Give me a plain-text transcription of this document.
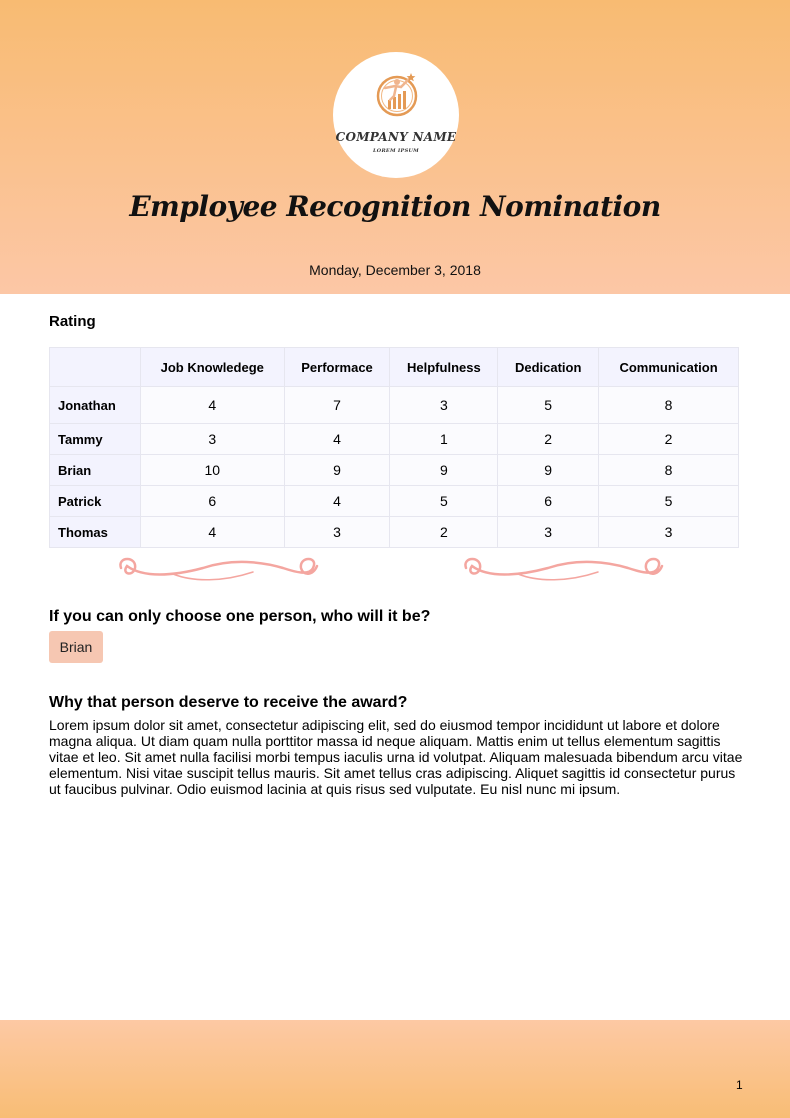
COMPANY NAME
LOREM IPSUM
Employee Recognition Nomination
Monday, December 3, 2018
Rating
	Job Knowledege	Performace	Helpfulness	Dedication	Communication
Jonathan	4	7	3	5	8
Tammy	3	4	1	2	2
Brian	10	9	9	9	8
Patrick	6	4	5	6	5
Thomas	4	3	2	3	3
If you can only choose one person, who will it be?
Brian
Why that person deserve to receive the award?
Lorem ipsum dolor sit amet, consectetur adipiscing elit, sed do eiusmod tempor incididunt ut labore et dolore magna aliqua. Ut diam quam nulla porttitor massa id neque aliquam. Mattis enim ut tellus elementum sagittis vitae et leo. Sit amet nulla facilisi morbi tempus iaculis urna id volutpat. Aliquam malesuada bibendum arcu vitae elementum. Nisi vitae suscipit tellus mauris. Sit amet tellus cras adipiscing. Aliquet sagittis id consectetur purus ut faucibus pulvinar. Odio euismod lacinia at quis risus sed vulputate. Eu nisl nunc mi ipsum.
1
